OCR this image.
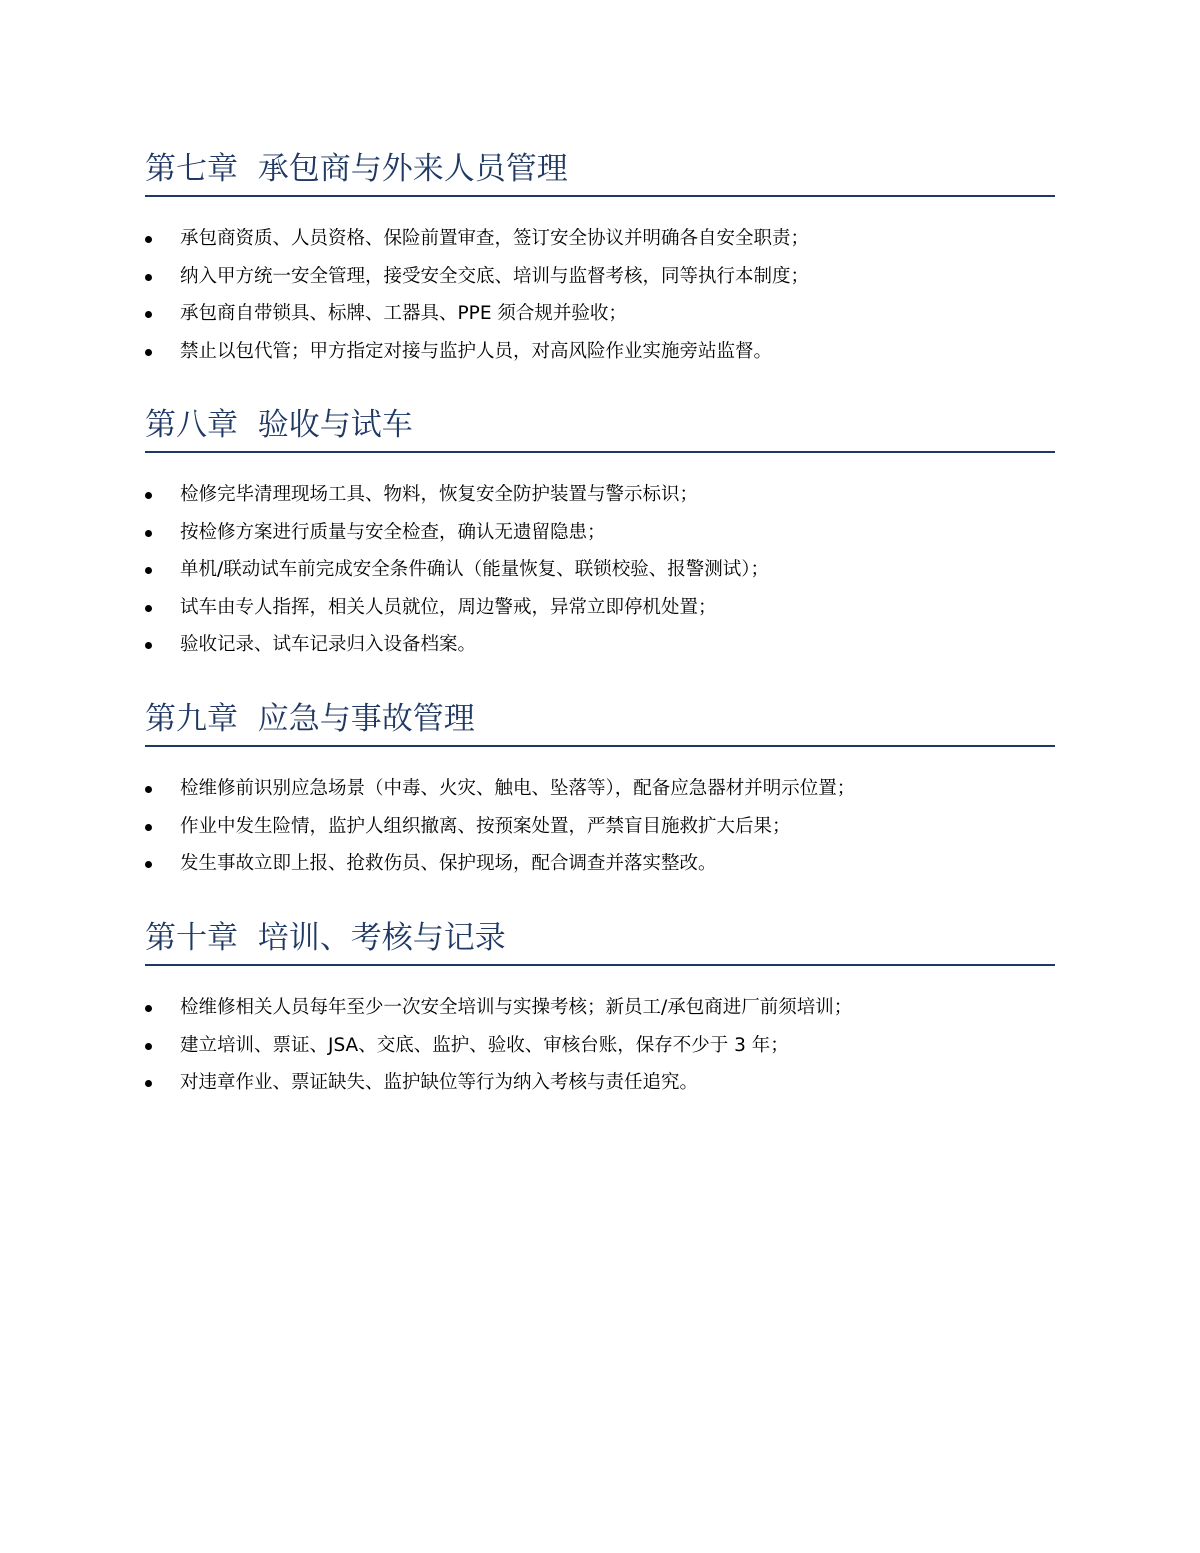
第七章  承包商与外来人员管理
承包商资质、人员资格、保险前置审查，签订安全协议并明确各自安全职责；
纳入甲方统一安全管理，接受安全交底、培训与监督考核，同等执行本制度；
承包商自带锁具、标牌、工器具、PPE 须合规并验收；
禁止以包代管；甲方指定对接与监护人员，对高风险作业实施旁站监督。
第八章  验收与试车
检修完毕清理现场工具、物料，恢复安全防护装置与警示标识；
按检修方案进行质量与安全检查，确认无遗留隐患；
单机/联动试车前完成安全条件确认（能量恢复、联锁校验、报警测试）；
试车由专人指挥，相关人员就位，周边警戒，异常立即停机处置；
验收记录、试车记录归入设备档案。
第九章  应急与事故管理
检维修前识别应急场景（中毒、火灾、触电、坠落等），配备应急器材并明示位置；
作业中发生险情，监护人组织撤离、按预案处置，严禁盲目施救扩大后果；
发生事故立即上报、抢救伤员、保护现场，配合调查并落实整改。
第十章  培训、考核与记录
检维修相关人员每年至少一次安全培训与实操考核；新员工/承包商进厂前须培训；
建立培训、票证、JSA、交底、监护、验收、审核台账，保存不少于 3 年；
对违章作业、票证缺失、监护缺位等行为纳入考核与责任追究。
